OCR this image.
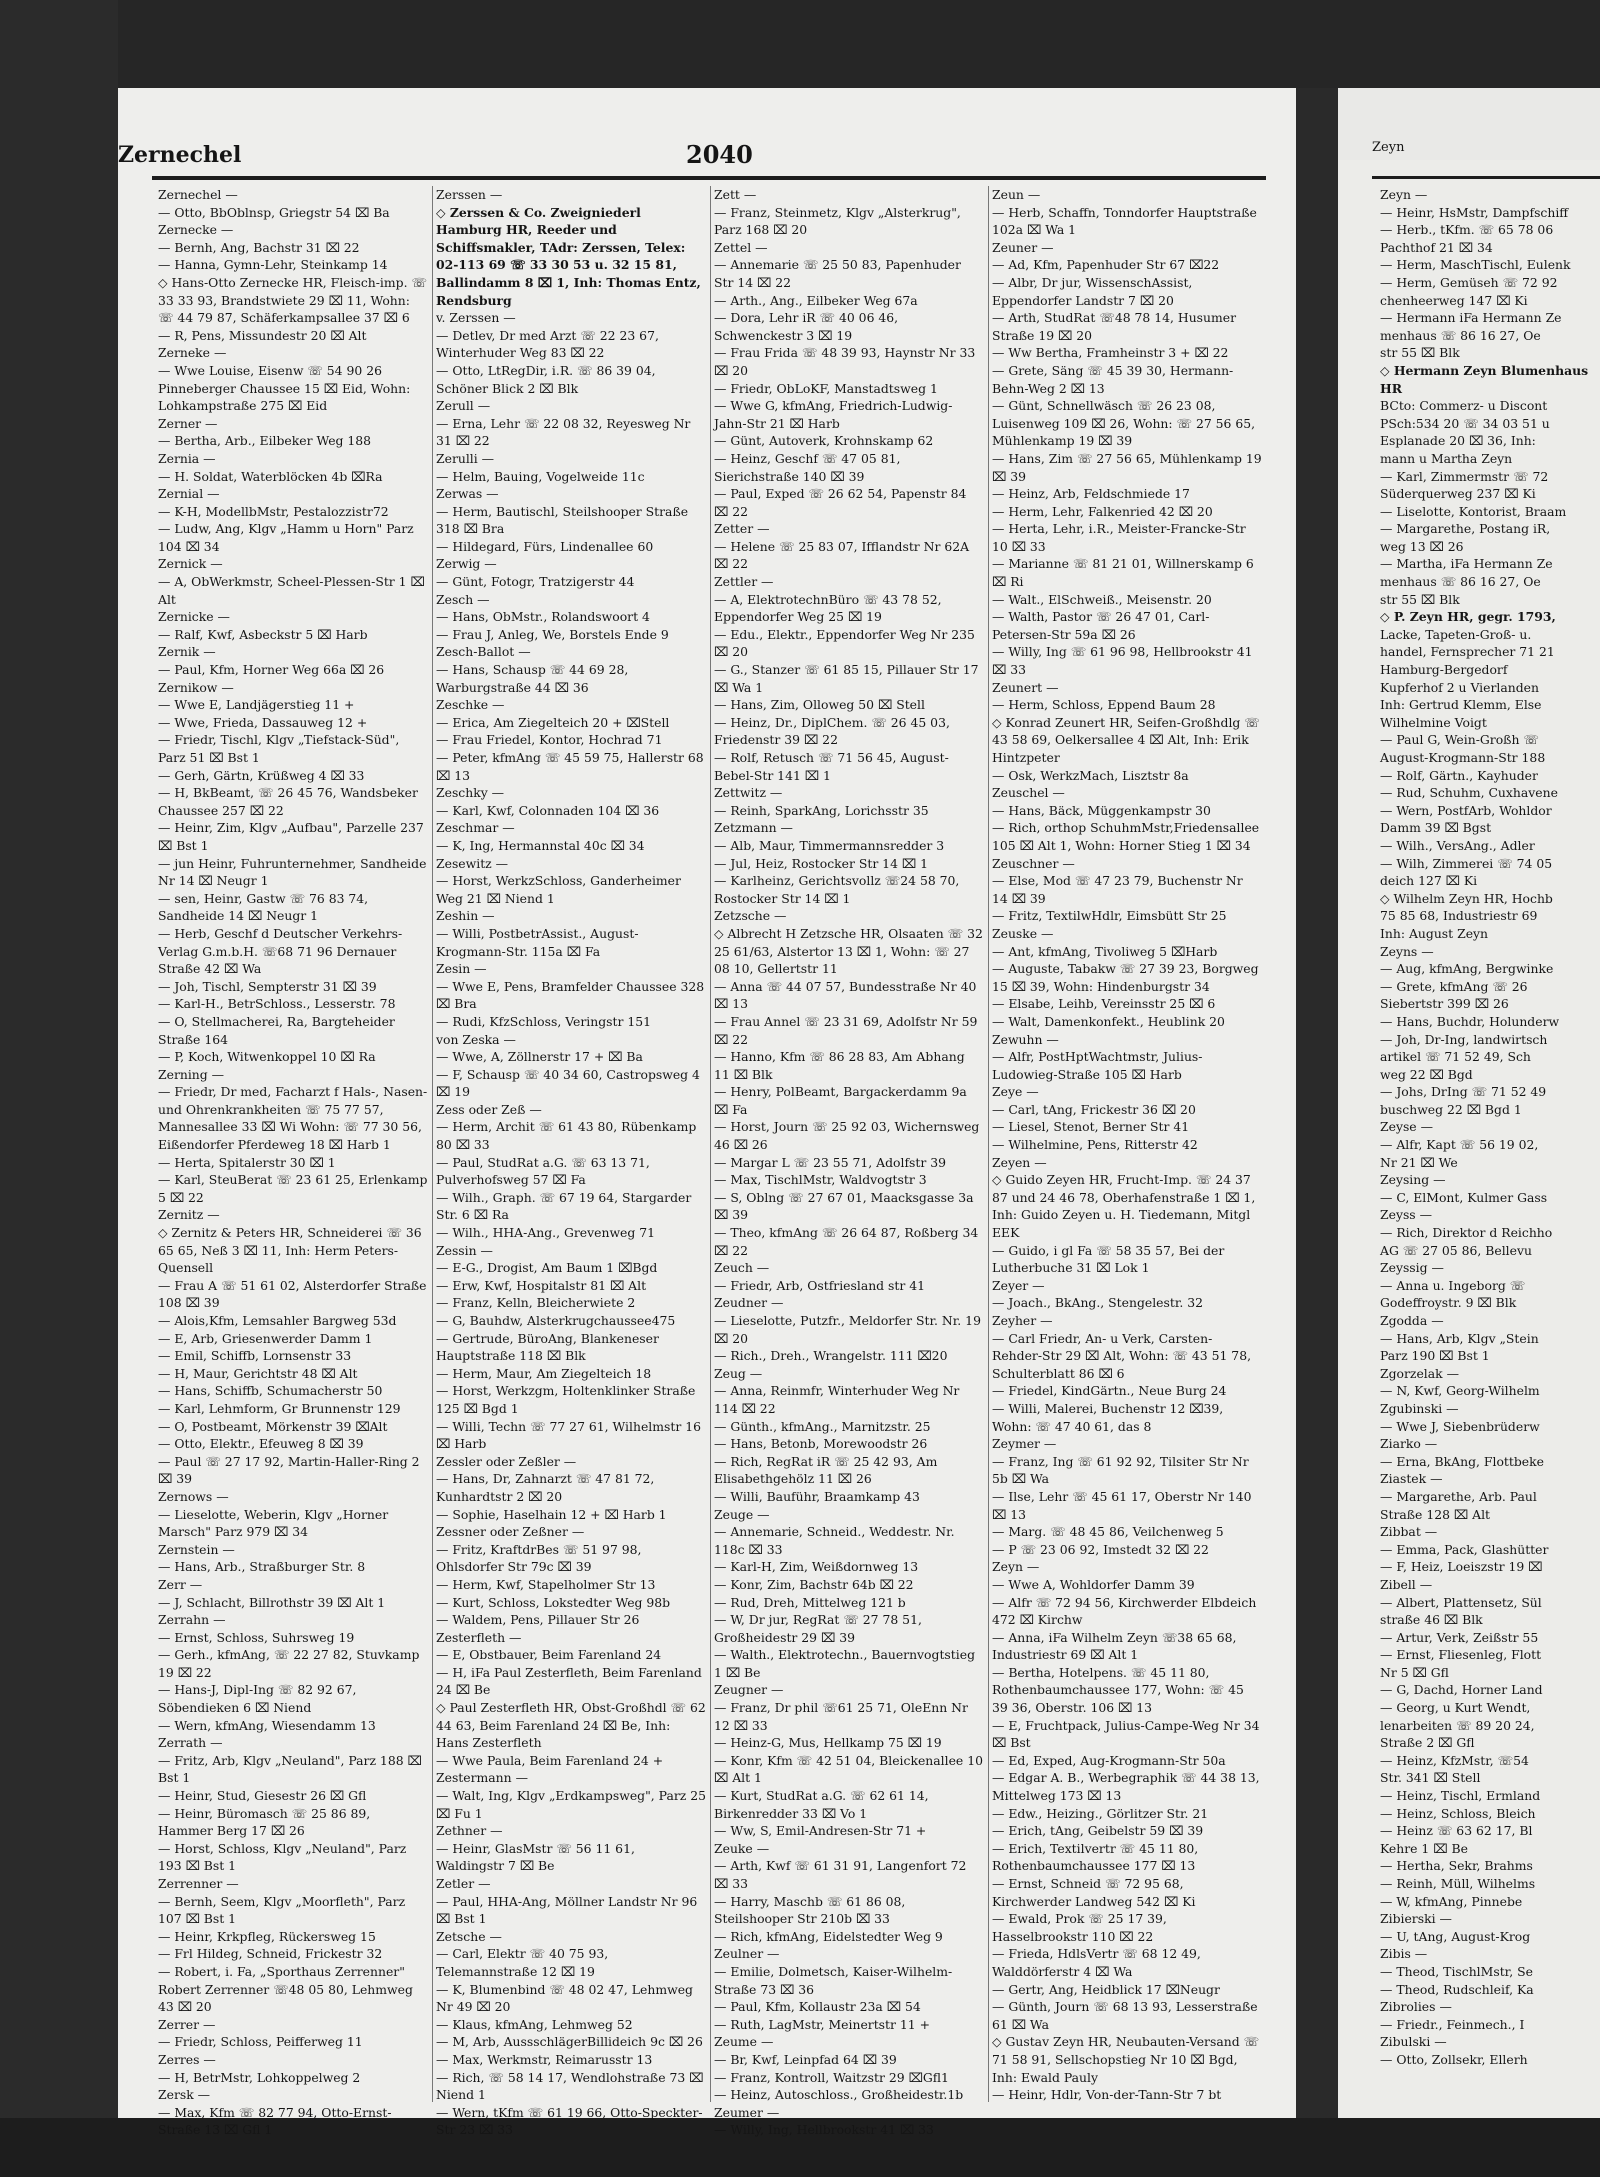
Zernechel	2040

Zernechel —

— Otto, BbOblnsp, Griegstr 54 ⌧ Ba

Zernecke —

— Bernh, Ang, Bachstr 31 ⌧ 22

— Hanna, Gymn-Lehr, Steinkamp 14

◇ Hans-Otto Zernecke HR, Fleisch-imp. ☏ 33 33 93, Brandstwiete 29 ⌧ 11, Wohn: ☏ 44 79 87, Schäferkampsallee 37 ⌧ 6

— R, Pens, Missundestr 20 ⌧ Alt

Zerneke —

— Wwe Louise, Eisenw ☏ 54 90 26 Pinneberger Chaussee 15 ⌧ Eid, Wohn: Lohkampstraße 275 ⌧ Eid

Zerner —

— Bertha, Arb., Eilbeker Weg 188

Zernia —

— H. Soldat, Waterblöcken 4b ⌧Ra

Zernial —

— K-H, ModellbMstr, Pestalozzistr72

— Ludw, Ang, Klgv „Hamm u Horn" Parz 104 ⌧ 34

Zernick —

— A, ObWerkmstr, Scheel-Plessen-Str 1 ⌧ Alt

Zernicke —

— Ralf, Kwf, Asbeckstr 5 ⌧ Harb

Zernik —

— Paul, Kfm, Horner Weg 66a ⌧ 26

Zernikow —

— Wwe E, Landjägerstieg 11 +

— Wwe, Frieda, Dassauweg 12 +

— Friedr, Tischl, Klgv „Tiefstack-Süd", Parz 51 ⌧ Bst 1

— Gerh, Gärtn, Krüßweg 4 ⌧ 33

— H, BkBeamt, ☏ 26 45 76, Wandsbeker Chaussee 257 ⌧ 22

— Heinr, Zim, Klgv „Aufbau", Parzelle 237 ⌧ Bst 1

— jun Heinr, Fuhrunternehmer, Sandheide Nr 14 ⌧ Neugr 1

— sen, Heinr, Gastw ☏ 76 83 74, Sandheide 14 ⌧ Neugr 1

— Herb, Geschf d Deutscher Verkehrs-Verlag G.m.b.H. ☏68 71 96 Dernauer Straße 42 ⌧ Wa

— Joh, Tischl, Sempterstr 31 ⌧ 39

— Karl-H., BetrSchloss., Lesserstr. 78

— O, Stellmacherei, Ra, Bargteheider Straße 164

— P, Koch, Witwenkoppel 10 ⌧ Ra

Zerning —

— Friedr, Dr med, Facharzt f Hals-, Nasen- und Ohrenkrankheiten ☏ 75 77 57, Mannesallee 33 ⌧ Wi Wohn: ☏ 77 30 56, Eißendorfer Pferdeweg 18 ⌧ Harb 1

— Herta, Spitalerstr 30 ⌧ 1

— Karl, SteuBerat ☏ 23 61 25, Erlenkamp 5 ⌧ 22

Zernitz —

◇ Zernitz & Peters HR, Schneiderei ☏ 36 65 65, Neß 3 ⌧ 11, Inh: Herm Peters-Quensell

— Frau A ☏ 51 61 02, Alsterdorfer Straße 108 ⌧ 39

— Alois,Kfm, Lemsahler Bargweg 53d

— E, Arb, Griesenwerder Damm 1

— Emil, Schiffb, Lornsenstr 33

— H, Maur, Gerichtstr 48 ⌧ Alt

— Hans, Schiffb, Schumacherstr 50

— Karl, Lehmform, Gr Brunnenstr 129

— O, Postbeamt, Mörkenstr 39 ⌧Alt

— Otto, Elektr., Efeuweg 8 ⌧ 39

— Paul ☏ 27 17 92, Martin-Haller-Ring 2 ⌧ 39

Zernows —

— Lieselotte, Weberin, Klgv „Horner Marsch" Parz 979 ⌧ 34

Zernstein —

— Hans, Arb., Straßburger Str. 8

Zerr —

— J, Schlacht, Billrothstr 39 ⌧ Alt 1

Zerrahn —

— Ernst, Schloss, Suhrsweg 19

— Gerh., kfmAng, ☏ 22 27 82, Stuvkamp 19 ⌧ 22

— Hans-J, Dipl-Ing ☏ 82 92 67, Söbendieken 6 ⌧ Niend

— Wern, kfmAng, Wiesendamm 13

Zerrath —

— Fritz, Arb, Klgv „Neuland", Parz 188 ⌧ Bst 1

— Heinr, Stud, Giesestr 26 ⌧ Gfl

— Heinr, Büromasch ☏ 25 86 89, Hammer Berg 17 ⌧ 26

— Horst, Schloss, Klgv „Neuland", Parz 193 ⌧ Bst 1

Zerrenner —

— Bernh, Seem, Klgv „Moorfleth", Parz 107 ⌧ Bst 1

— Heinr, Krkpfleg, Rückersweg 15

— Frl Hildeg, Schneid, Frickestr 32

— Robert, i. Fa, „Sporthaus Zerrenner" Robert Zerrenner ☏48 05 80, Lehmweg 43 ⌧ 20

Zerrer —

— Friedr, Schloss, Peifferweg 11

Zerres —

— H, BetrMstr, Lohkoppelweg 2

Zersk —

— Max, Kfm ☏ 82 77 94, Otto-Ernst-Straße 13 ⌧ Gfl 1

Zerssen —

◇ Zerssen & Co. Zweigniederl Hamburg HR, Reeder und Schiffsmakler, TAdr: Zerssen, Telex: 02-113 69 ☏ 33 30 53 u. 32 15 81, Ballindamm 8 ⌧ 1, Inh: Thomas Entz, Rendsburg

v. Zerssen —

— Detlev, Dr med Arzt ☏ 22 23 67, Winterhuder Weg 83 ⌧ 22

— Otto, LtRegDir, i.R. ☏ 86 39 04, Schöner Blick 2 ⌧ Blk

Zerull —

— Erna, Lehr ☏ 22 08 32, Reyesweg Nr 31 ⌧ 22

Zerulli —

— Helm, Bauing, Vogelweide 11c

Zerwas —

— Herm, Bautischl, Steilshooper Straße 318 ⌧ Bra

— Hildegard, Fürs, Lindenallee 60

Zerwig —

— Günt, Fotogr, Tratzigerstr 44

Zesch —

— Hans, ObMstr., Rolandswoort 4

— Frau J, Anleg, We, Borstels Ende 9

Zesch-Ballot —

— Hans, Schausp ☏ 44 69 28, Warburgstraße 44 ⌧ 36

Zeschke —

— Erica, Am Ziegelteich 20 + ⌧Stell

— Frau Friedel, Kontor, Hochrad 71

— Peter, kfmAng ☏ 45 59 75, Hallerstr 68 ⌧ 13

Zeschky —

— Karl, Kwf, Colonnaden 104 ⌧ 36

Zeschmar —

— K, Ing, Hermannstal 40c ⌧ 34

Zesewitz —

— Horst, WerkzSchloss, Ganderheimer Weg 21 ⌧ Niend 1

Zeshin —

— Willi, PostbetrAssist., August-Krogmann-Str. 115a ⌧ Fa

Zesin —

— Wwe E, Pens, Bramfelder Chaussee 328 ⌧ Bra

— Rudi, KfzSchloss, Veringstr 151

von Zeska —

— Wwe, A, Zöllnerstr 17 + ⌧ Ba

— F, Schausp ☏ 40 34 60, Castropsweg 4 ⌧ 19

Zess oder Zeß —

— Herm, Archit ☏ 61 43 80, Rübenkamp 80 ⌧ 33

— Paul, StudRat a.G. ☏ 63 13 71, Pulverhofsweg 57 ⌧ Fa

— Wilh., Graph. ☏ 67 19 64, Stargarder Str. 6 ⌧ Ra

— Wilh., HHA-Ang., Grevenweg 71

Zessin —

— E-G., Drogist, Am Baum 1 ⌧Bgd

— Erw, Kwf, Hospitalstr 81 ⌧ Alt

— Franz, Kelln, Bleicherwiete 2

— G, Bauhdw, Alsterkrugchaussee475

— Gertrude, BüroAng, Blankeneser Hauptstraße 118 ⌧ Blk

— Herm, Maur, Am Ziegelteich 18

— Horst, Werkzgm, Holtenklinker Straße 125 ⌧ Bgd 1

— Willi, Techn ☏ 77 27 61, Wilhelmstr 16 ⌧ Harb

Zessler oder Zeßler —

— Hans, Dr, Zahnarzt ☏ 47 81 72, Kunhardtstr 2 ⌧ 20

— Sophie, Haselhain 12 + ⌧ Harb 1

Zessner oder Zeßner —

— Fritz, KraftdrBes ☏ 51 97 98, Ohlsdorfer Str 79c ⌧ 39

— Herm, Kwf, Stapelholmer Str 13

— Kurt, Schloss, Lokstedter Weg 98b

— Waldem, Pens, Pillauer Str 26

Zesterfleth —

— E, Obstbauer, Beim Farenland 24

— H, iFa Paul Zesterfleth, Beim Farenland 24 ⌧ Be

◇ Paul Zesterfleth HR, Obst-Großhdl ☏ 62 44 63, Beim Farenland 24 ⌧ Be, Inh: Hans Zesterfleth

— Wwe Paula, Beim Farenland 24 +

Zestermann —

— Walt, Ing, Klgv „Erdkampsweg", Parz 25 ⌧ Fu 1

Zethner —

— Heinr, GlasMstr ☏ 56 11 61, Waldingstr 7 ⌧ Be

Zetler —

— Paul, HHA-Ang, Möllner Landstr Nr 96 ⌧ Bst 1

Zetsche —

— Carl, Elektr ☏ 40 75 93, Telemannstraße 12 ⌧ 19

— K, Blumenbind ☏ 48 02 47, Lehmweg Nr 49 ⌧ 20

— Klaus, kfmAng, Lehmweg 52

— M, Arb, AussschlägerBillideich 9c ⌧ 26

— Max, Werkmstr, Reimarusstr 13

— Rich, ☏ 58 14 17, Wendlohstraße 73 ⌧ Niend 1

— Wern, tKfm ☏ 61 19 66, Otto-Speckter-Str 23 ⌧ 33

Zett —

— Franz, Steinmetz, Klgv „Alsterkrug", Parz 168 ⌧ 20

Zettel —

— Annemarie ☏ 25 50 83, Papenhuder Str 14 ⌧ 22

— Arth., Ang., Eilbeker Weg 67a

— Dora, Lehr iR ☏ 40 06 46, Schwenckestr 3 ⌧ 19

— Frau Frida ☏ 48 39 93, Haynstr Nr 33 ⌧ 20

— Friedr, ObLoKF, Manstadtsweg 1

— Wwe G, kfmAng, Friedrich-Ludwig-Jahn-Str 21 ⌧ Harb

— Günt, Autoverk, Krohnskamp 62

— Heinz, Geschf ☏ 47 05 81, Sierichstraße 140 ⌧ 39

— Paul, Exped ☏ 26 62 54, Papenstr 84 ⌧ 22

Zetter —

— Helene ☏ 25 83 07, Ifflandstr Nr 62A ⌧ 22

Zettler —

— A, ElektrotechnBüro ☏ 43 78 52, Eppendorfer Weg 25 ⌧ 19

— Edu., Elektr., Eppendorfer Weg Nr 235 ⌧ 20

— G., Stanzer ☏ 61 85 15, Pillauer Str 17 ⌧ Wa 1

— Hans, Zim, Olloweg 50 ⌧ Stell

— Heinz, Dr., DiplChem. ☏ 26 45 03, Friedenstr 39 ⌧ 22

— Rolf, Retusch ☏ 71 56 45, August-Bebel-Str 141 ⌧ 1

Zettwitz —

— Reinh, SparkAng, Lorichsstr 35

Zetzmann —

— Alb, Maur, Timmermannsredder 3

— Jul, Heiz, Rostocker Str 14 ⌧ 1

— Karlheinz, Gerichtsvollz ☏24 58 70, Rostocker Str 14 ⌧ 1

Zetzsche —

◇ Albrecht H Zetzsche HR, Olsaaten ☏ 32 25 61/63, Alstertor 13 ⌧ 1, Wohn: ☏ 27 08 10, Gellertstr 11

— Anna ☏ 44 07 57, Bundesstraße Nr 40 ⌧ 13

— Frau Annel ☏ 23 31 69, Adolfstr Nr 59 ⌧ 22

— Hanno, Kfm ☏ 86 28 83, Am Abhang 11 ⌧ Blk

— Henry, PolBeamt, Bargackerdamm 9a ⌧ Fa

— Horst, Journ ☏ 25 92 03, Wichernsweg 46 ⌧ 26

— Margar L ☏ 23 55 71, Adolfstr 39

— Max, TischlMstr, Waldvogtstr 3

— S, Oblng ☏ 27 67 01, Maacksgasse 3a ⌧ 39

— Theo, kfmAng ☏ 26 64 87, Roßberg 34 ⌧ 22

Zeuch —

— Friedr, Arb, Ostfriesland str 41

Zeudner —

— Lieselotte, Putzfr., Meldorfer Str. Nr. 19 ⌧ 20

— Rich., Dreh., Wrangelstr. 111 ⌧20

Zeug —

— Anna, Reinmfr, Winterhuder Weg Nr 114 ⌧ 22

— Günth., kfmAng., Marnitzstr. 25

— Hans, Betonb, Morewoodstr 26

— Rich, RegRat iR ☏ 25 42 93, Am Elisabethgehölz 11 ⌧ 26

— Willi, Bauführ, Braamkamp 43

Zeuge —

— Annemarie, Schneid., Weddestr. Nr. 118c ⌧ 33

— Karl-H, Zim, Weißdornweg 13

— Konr, Zim, Bachstr 64b ⌧ 22

— Rud, Dreh, Mittelweg 121 b

— W, Dr jur, RegRat ☏ 27 78 51, Großheidestr 29 ⌧ 39

— Walth., Elektrotechn., Bauernvogtstieg 1 ⌧ Be

Zeugner —

— Franz, Dr phil ☏61 25 71, OleEnn Nr 12 ⌧ 33

— Heinz-G, Mus, Hellkamp 75 ⌧ 19

— Konr, Kfm ☏ 42 51 04, Bleickenallee 10 ⌧ Alt 1

— Kurt, StudRat a.G. ☏ 62 61 14, Birkenredder 33 ⌧ Vo 1

— Ww, S, Emil-Andresen-Str 71 +

Zeuke —

— Arth, Kwf ☏ 61 31 91, Langenfort 72 ⌧ 33

— Harry, Maschb ☏ 61 86 08, Steilshooper Str 210b ⌧ 33

— Rich, kfmAng, Eidelstedter Weg 9

Zeulner —

— Emilie, Dolmetsch, Kaiser-Wilhelm-Straße 73 ⌧ 36

— Paul, Kfm, Kollaustr 23a ⌧ 54

— Ruth, LagMstr, Meinertstr 11 +

Zeume —

— Br, Kwf, Leinpfad 64 ⌧ 39

— Franz, Kontroll, Waitzstr 29 ⌧Gfl1

— Heinz, Autoschloss., Großheidestr.1b

Zeumer —

— Willy, Ing, Hellbrookstr 41 ⌧ 33

Zeun —

— Herb, Schaffn, Tonndorfer Hauptstraße 102a ⌧ Wa 1

Zeuner —

— Ad, Kfm, Papenhuder Str 67 ⌧22

— Albr, Dr jur, WissenschAssist, Eppendorfer Landstr 7 ⌧ 20

— Arth, StudRat ☏48 78 14, Husumer Straße 19 ⌧ 20

— Ww Bertha, Framheinstr 3 + ⌧ 22

— Grete, Säng ☏ 45 39 30, Hermann-Behn-Weg 2 ⌧ 13

— Günt, Schnellwäsch ☏ 26 23 08, Luisenweg 109 ⌧ 26, Wohn: ☏ 27 56 65, Mühlenkamp 19 ⌧ 39

— Hans, Zim ☏ 27 56 65, Mühlenkamp 19 ⌧ 39

— Heinz, Arb, Feldschmiede 17

— Herm, Lehr, Falkenried 42 ⌧ 20

— Herta, Lehr, i.R., Meister-Francke-Str 10 ⌧ 33

— Marianne ☏ 81 21 01, Willnerskamp 6 ⌧ Ri

— Walt., ElSchweiß., Meisenstr. 20

— Walth, Pastor ☏ 26 47 01, Carl-Petersen-Str 59a ⌧ 26

— Willy, Ing ☏ 61 96 98, Hellbrookstr 41 ⌧ 33

Zeunert —

— Herm, Schloss, Eppend Baum 28

◇ Konrad Zeunert HR, Seifen-Großhdlg ☏ 43 58 69, Oelkersallee 4 ⌧ Alt, Inh: Erik Hintzpeter

— Osk, WerkzMach, Lisztstr 8a

Zeuschel —

— Hans, Bäck, Müggenkampstr 30

— Rich, orthop SchuhmMstr,Friedensallee 105 ⌧ Alt 1, Wohn: Horner Stieg 1 ⌧ 34

Zeuschner —

— Else, Mod ☏ 47 23 79, Buchenstr Nr 14 ⌧ 39

— Fritz, TextilwHdlr, Eimsbütt Str 25

Zeuske —

— Ant, kfmAng, Tivoliweg 5 ⌧Harb

— Auguste, Tabakw ☏ 27 39 23, Borgweg 15 ⌧ 39, Wohn: Hindenburgstr 34

— Elsabe, Leihb, Vereinsstr 25 ⌧ 6

— Walt, Damenkonfekt., Heublink 20

Zewuhn —

— Alfr, PostHptWachtmstr, Julius-Ludowieg-Straße 105 ⌧ Harb

Zeye —

— Carl, tAng, Frickestr 36 ⌧ 20

— Liesel, Stenot, Berner Str 41

— Wilhelmine, Pens, Ritterstr 42

Zeyen —

◇ Guido Zeyen HR, Frucht-Imp. ☏ 24 37 87 und 24 46 78, Oberhafenstraße 1 ⌧ 1, Inh: Guido Zeyen u. H. Tiedemann, Mitgl EEK

— Guido, i gl Fa ☏ 58 35 57, Bei der Lutherbuche 31 ⌧ Lok 1

Zeyer —

— Joach., BkAng., Stengelestr. 32

Zeyher —

— Carl Friedr, An- u Verk, Carsten-Rehder-Str 29 ⌧ Alt, Wohn: ☏ 43 51 78, Schulterblatt 86 ⌧ 6

— Friedel, KindGärtn., Neue Burg 24

— Willi, Malerei, Buchenstr 12 ⌧39, Wohn: ☏ 47 40 61, das 8

Zeymer —

— Franz, Ing ☏ 61 92 92, Tilsiter Str Nr 5b ⌧ Wa

— Ilse, Lehr ☏ 45 61 17, Oberstr Nr 140 ⌧ 13

— Marg. ☏ 48 45 86, Veilchenweg 5

— P ☏ 23 06 92, Imstedt 32 ⌧ 22

Zeyn —

— Wwe A, Wohldorfer Damm 39

— Alfr ☏ 72 94 56, Kirchwerder Elbdeich 472 ⌧ Kirchw

— Anna, iFa Wilhelm Zeyn ☏38 65 68, Industriestr 69 ⌧ Alt 1

— Bertha, Hotelpens. ☏ 45 11 80, Rothenbaumchaussee 177, Wohn: ☏ 45 39 36, Oberstr. 106 ⌧ 13

— E, Fruchtpack, Julius-Campe-Weg Nr 34 ⌧ Bst

— Ed, Exped, Aug-Krogmann-Str 50a

— Edgar A. B., Werbegraphik ☏ 44 38 13, Mittelweg 173 ⌧ 13

— Edw., Heizing., Görlitzer Str. 21

— Erich, tAng, Geibelstr 59 ⌧ 39

— Erich, Textilvertr ☏ 45 11 80, Rothenbaumchaussee 177 ⌧ 13

— Ernst, Schneid ☏ 72 95 68, Kirchwerder Landweg 542 ⌧ Ki

— Ewald, Prok ☏ 25 17 39, Hasselbrookstr 110 ⌧ 22

— Frieda, HdlsVertr ☏ 68 12 49, Walddörferstr 4 ⌧ Wa

— Gertr, Ang, Heidblick 17 ⌧Neugr

— Günth, Journ ☏ 68 13 93, Lesserstraße 61 ⌧ Wa

◇ Gustav Zeyn HR, Neubauten-Versand ☏ 71 58 91, Sellschopstieg Nr 10 ⌧ Bgd, Inh: Ewald Pauly

— Heinr, Hdlr, Von-der-Tann-Str 7 bt

Zeyn

Zeyn —

— Heinr, HsMstr, Dampfschiff

— Herb., tKfm. ☏ 65 78 06

Pachthof 21 ⌧ 34

— Herm, MaschTischl, Eulenk

— Herm, Gemüseh ☏ 72 92

chenheerweg 147 ⌧ Ki

— Hermann iFa Hermann Ze

menhaus ☏ 86 16 27, Oe

str 55 ⌧ Blk

◇ Hermann Zeyn Blumenhaus HR

BCto: Commerz- u Discont

PSch:534 20 ☏ 34 03 51 u

Esplanade 20 ⌧ 36, Inh:

mann u Martha Zeyn

— Karl, Zimmermstr ☏ 72

Süderquerweg 237 ⌧ Ki

— Liselotte, Kontorist, Braam

— Margarethe, Postang iR,

weg 13 ⌧ 26

— Martha, iFa Hermann Ze

menhaus ☏ 86 16 27, Oe

str 55 ⌧ Blk

◇ P. Zeyn HR, gegr. 1793,

Lacke, Tapeten-Groß- u.

handel, Fernsprecher 71 21

Hamburg-Bergedorf

Kupferhof 2 u Vierlanden

Inh: Gertrud Klemm, Else

Wilhelmine Voigt

— Paul G, Wein-Großh ☏

August-Krogmann-Str 188

— Rolf, Gärtn., Kayhuder

— Rud, Schuhm, Cuxhavene

— Wern, PostfArb, Wohldor

Damm 39 ⌧ Bgst

— Wilh., VersAng., Adler

— Wilh, Zimmerei ☏ 74 05

deich 127 ⌧ Ki

◇ Wilhelm Zeyn HR, Hochb

75 85 68, Industriestr 69

Inh: August Zeyn

Zeyns —

— Aug, kfmAng, Bergwinke

— Grete, kfmAng ☏ 26

Siebertstr 399 ⌧ 26

— Hans, Buchdr, Holunderw

— Joh, Dr-Ing, landwirtsch

artikel ☏ 71 52 49, Sch

weg 22 ⌧ Bgd

— Johs, DrIng ☏ 71 52 49

buschweg 22 ⌧ Bgd 1

Zeyse —

— Alfr, Kapt ☏ 56 19 02,

Nr 21 ⌧ We

Zeysing —

— C, ElMont, Kulmer Gass

Zeyss —

— Rich, Direktor d Reichho

AG ☏ 27 05 86, Bellevu

Zeyssig —

— Anna u. Ingeborg ☏

Godeffroystr. 9 ⌧ Blk

Zgodda —

— Hans, Arb, Klgv „Stein

Parz 190 ⌧ Bst 1

Zgorzelak —

— N, Kwf, Georg-Wilhelm

Zgubinski —

— Wwe J, Siebenbrüderw

Ziarko —

— Erna, BkAng, Flottbeke

Ziastek —

— Margarethe, Arb. Paul

Straße 128 ⌧ Alt

Zibbat —

— Emma, Pack, Glashütter

— F, Heiz, Loeiszstr 19 ⌧

Zibell —

— Albert, Plattensetz, Sül

straße 46 ⌧ Blk

— Artur, Verk, Zeißstr 55

— Ernst, Fliesenleg, Flott

Nr 5 ⌧ Gfl

— G, Dachd, Horner Land

— Georg, u Kurt Wendt,

lenarbeiten ☏ 89 20 24,

Straße 2 ⌧ Gfl

— Heinz, KfzMstr, ☏54

Str. 341 ⌧ Stell

— Heinz, Tischl, Ermland

— Heinz, Schloss, Bleich

— Heinz ☏ 63 62 17, Bl

Kehre 1 ⌧ Be

— Hertha, Sekr, Brahms

— Reinh, Müll, Wilhelms

— W, kfmAng, Pinnebe

Zibierski —

— U, tAng, August-Krog

Zibis —

— Theod, TischlMstr, Se

— Theod, Rudschleif, Ka

Zibrolies —

— Friedr., Feinmech., I

Zibulski —

— Otto, Zollsekr, Ellerh
